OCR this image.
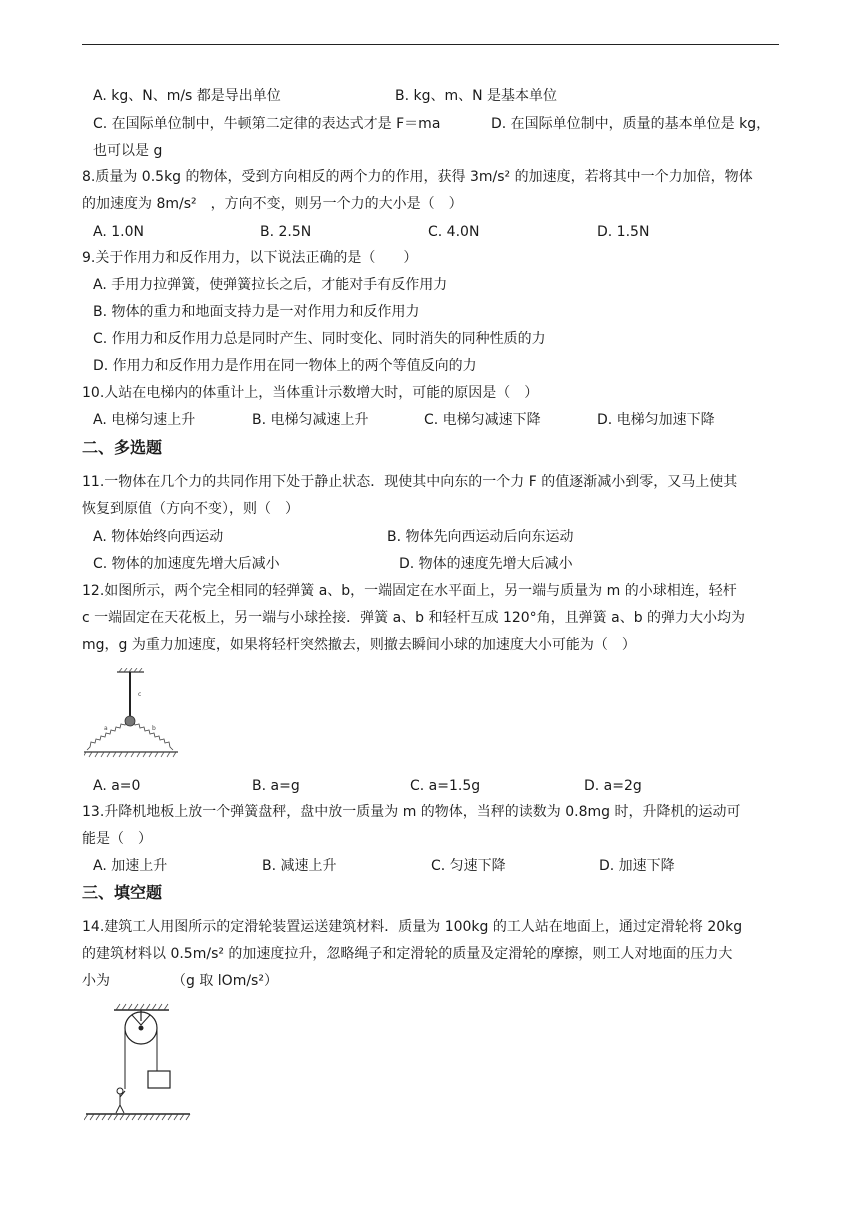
A. kg、N、m/s 都是导出单位	B. kg、m、N 是基本单位
C. 在国际单位制中，牛顿第二定律的表达式才是 F＝ma	D. 在国际单位制中，质量的基本单位是 kg，
也可以是 g
8.质量为 0.5kg 的物体，受到方向相反的两个力的作用，获得 3m/s² 的加速度，若将其中一个力加倍，物体
的加速度为 8m/s²　，方向不变，则另一个力的大小是（　）
A. 1.0N	B. 2.5N	C. 4.0N	D. 1.5N
9.关于作用力和反作用力，以下说法正确的是（　　）
A. 手用力拉弹簧，使弹簧拉长之后，才能对手有反作用力
B. 物体的重力和地面支持力是一对作用力和反作用力
C. 作用力和反作用力总是同时产生、同时变化、同时消失的同种性质的力
D. 作用力和反作用力是作用在同一物体上的两个等值反向的力
10.人站在电梯内的体重计上，当体重计示数增大时，可能的原因是（　）
A. 电梯匀速上升	B. 电梯匀减速上升	C. 电梯匀减速下降	D. 电梯匀加速下降
二、多选题
11.一物体在几个力的共同作用下处于静止状态．现使其中向东的一个力 F 的值逐渐减小到零，又马上使其
恢复到原值（方向不变），则（　）
A. 物体始终向西运动	B. 物体先向西运动后向东运动
C. 物体的加速度先增大后减小	D. 物体的速度先增大后减小
12.如图所示，两个完全相同的轻弹簧 a、b，一端固定在水平面上，另一端与质量为 m 的小球相连，轻杆
c 一端固定在天花板上，另一端与小球拴接．弹簧 a、b 和轻杆互成 120°角，且弹簧 a、b 的弹力大小均为
mg，g 为重力加速度，如果将轻杆突然撤去，则撤去瞬间小球的加速度大小可能为（　）
c
a	b
A. a=0	B. a=g	C. a=1.5g	D. a=2g
13.升降机地板上放一个弹簧盘秤，盘中放一质量为 m 的物体，当秤的读数为 0.8mg 时，升降机的运动可
能是（　）
A. 加速上升	B. 减速上升	C. 匀速下降	D. 加速下降
三、填空题
14.建筑工人用图所示的定滑轮装置运送建筑材料．质量为 100kg 的工人站在地面上，通过定滑轮将 20kg
的建筑材料以 0.5m/s² 的加速度拉升，忽略绳子和定滑轮的质量及定滑轮的摩擦，则工人对地面的压力大
小为	（g 取 lOm/s²）
